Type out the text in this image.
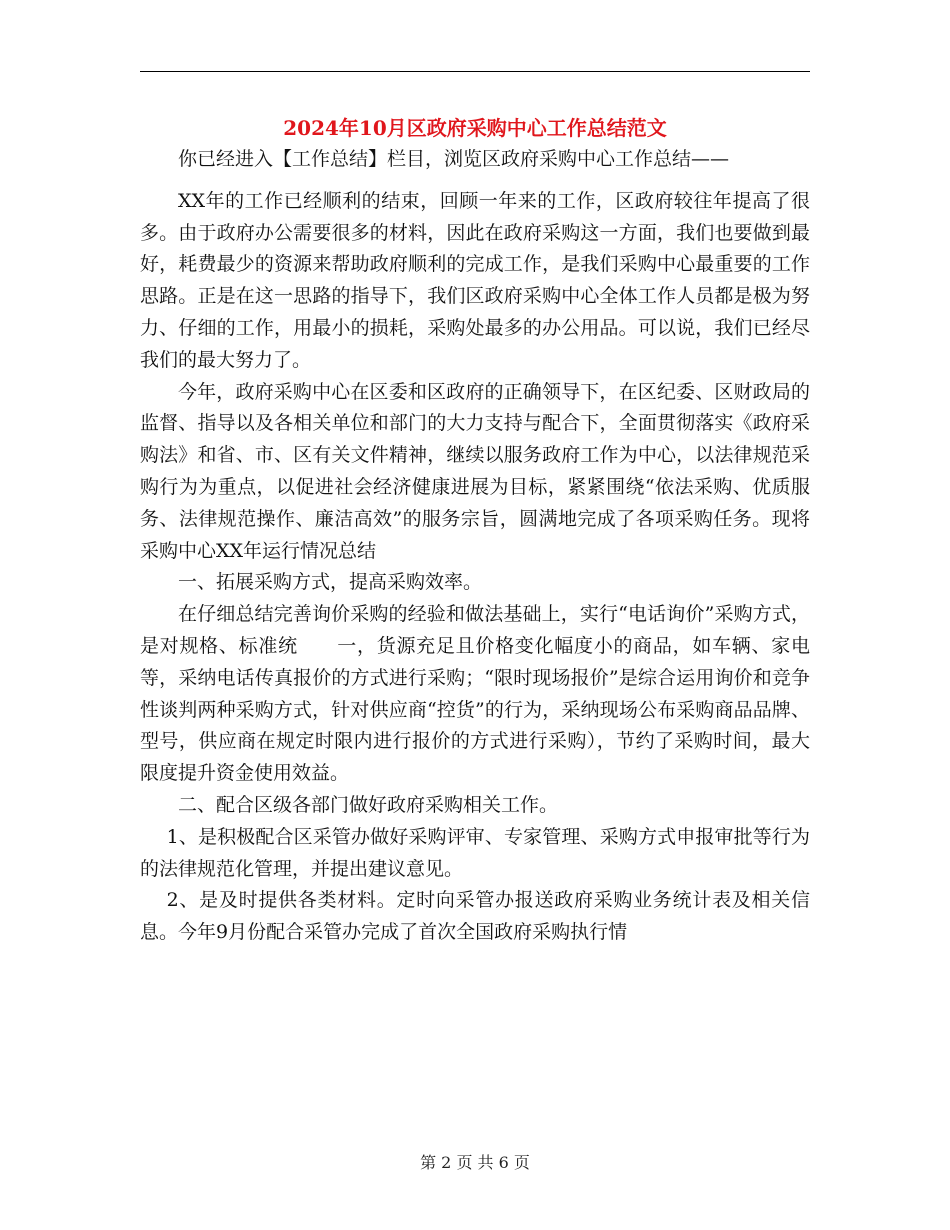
2024年10月区政府采购中心工作总结范文

你已经进入【工作总结】栏目，浏览区政府采购中心工作总结——

XX年的工作已经顺利的结束，回顾一年来的工作，区政府较往年提高了很多。由于政府办公需要很多的材料，因此在政府采购这一方面，我们也要做到最好，耗费最少的资源来帮助政府顺利的完成工作，是我们采购中心最重要的工作思路。正是在这一思路的指导下，我们区政府采购中心全体工作人员都是极为努力、仔细的工作，用最小的损耗，采购处最多的办公用品。可以说，我们已经尽我们的最大努力了。

今年，政府采购中心在区委和区政府的正确领导下，在区纪委、区财政局的监督、指导以及各相关单位和部门的大力支持与配合下，全面贯彻落实《政府采购法》和省、市、区有关文件精神，继续以服务政府工作为中心，以法律规范采购行为为重点，以促进社会经济健康进展为目标，紧紧围绕“依法采购、优质服务、法律规范操作、廉洁高效”的服务宗旨，圆满地完成了各项采购任务。现将采购中心XX年运行情况总结

一、拓展采购方式，提高采购效率。

在仔细总结完善询价采购的经验和做法基础上，实行“电话询价”采购方式，是对规格、标准统　　一，货源充足且价格变化幅度小的商品，如车辆、家电等，采纳电话传真报价的方式进行采购；“限时现场报价”是综合运用询价和竞争性谈判两种采购方式，针对供应商“控货”的行为，采纳现场公布采购商品品牌、型号，供应商在规定时限内进行报价的方式进行采购），节约了采购时间，最大限度提升资金使用效益。

二、配合区级各部门做好政府采购相关工作。

1、是积极配合区采管办做好采购评审、专家管理、采购方式申报审批等行为的法律规范化管理，并提出建议意见。

2、是及时提供各类材料。定时向采管办报送政府采购业务统计表及相关信息。今年9月份配合采管办完成了首次全国政府采购执行情

第 2 页 共 6 页
